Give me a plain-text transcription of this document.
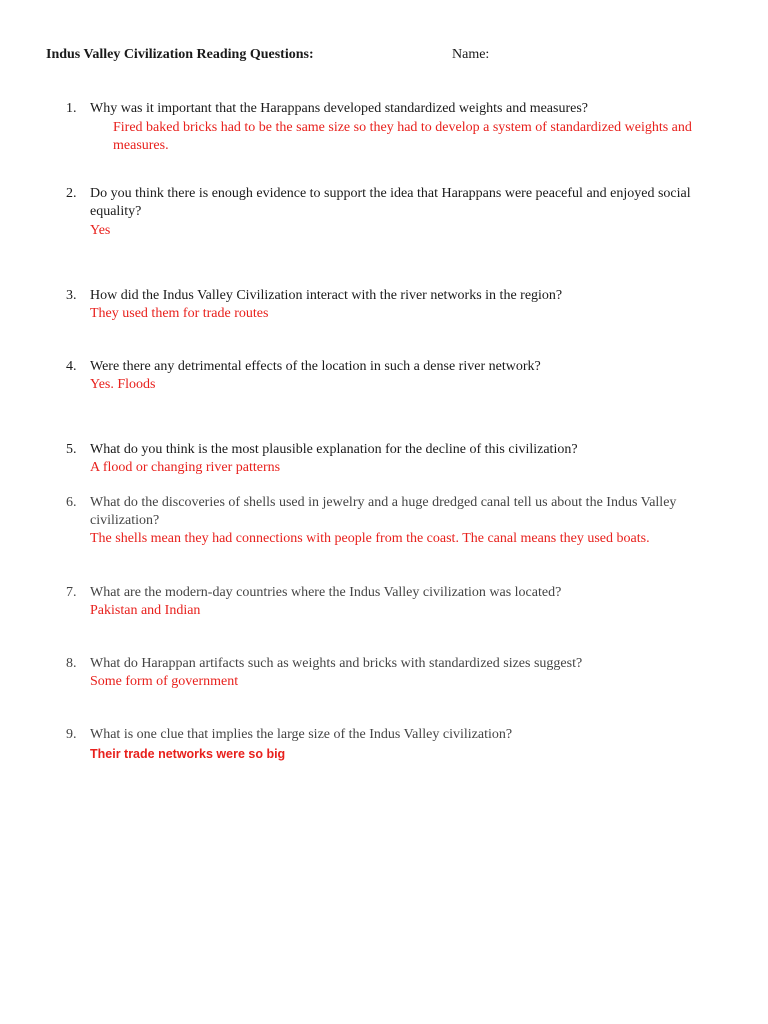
Indus Valley Civilization Reading Questions:	Name:
1. Why was it important that the Harappans developed standardized weights and measures?
Fired baked bricks had to be the same size so they had to develop a system of standardized weights and measures.
2. Do you think there is enough evidence to support the idea that Harappans were peaceful and enjoyed social equality?
Yes
3. How did the Indus Valley Civilization interact with the river networks in the region?
They used them for trade routes
4. Were there any detrimental effects of the location in such a dense river network?
Yes. Floods
5. What do you think is the most plausible explanation for the decline of this civilization?
A flood or changing river patterns
6. What do the discoveries of shells used in jewelry and a huge dredged canal tell us about the Indus Valley civilization?
The shells mean they had connections with people from the coast. The canal means they used boats.
7. What are the modern-day countries where the Indus Valley civilization was located?
Pakistan and Indian
8. What do Harappan artifacts such as weights and bricks with standardized sizes suggest?
Some form of government
9. What is one clue that implies the large size of the Indus Valley civilization?
Their trade networks were so big
